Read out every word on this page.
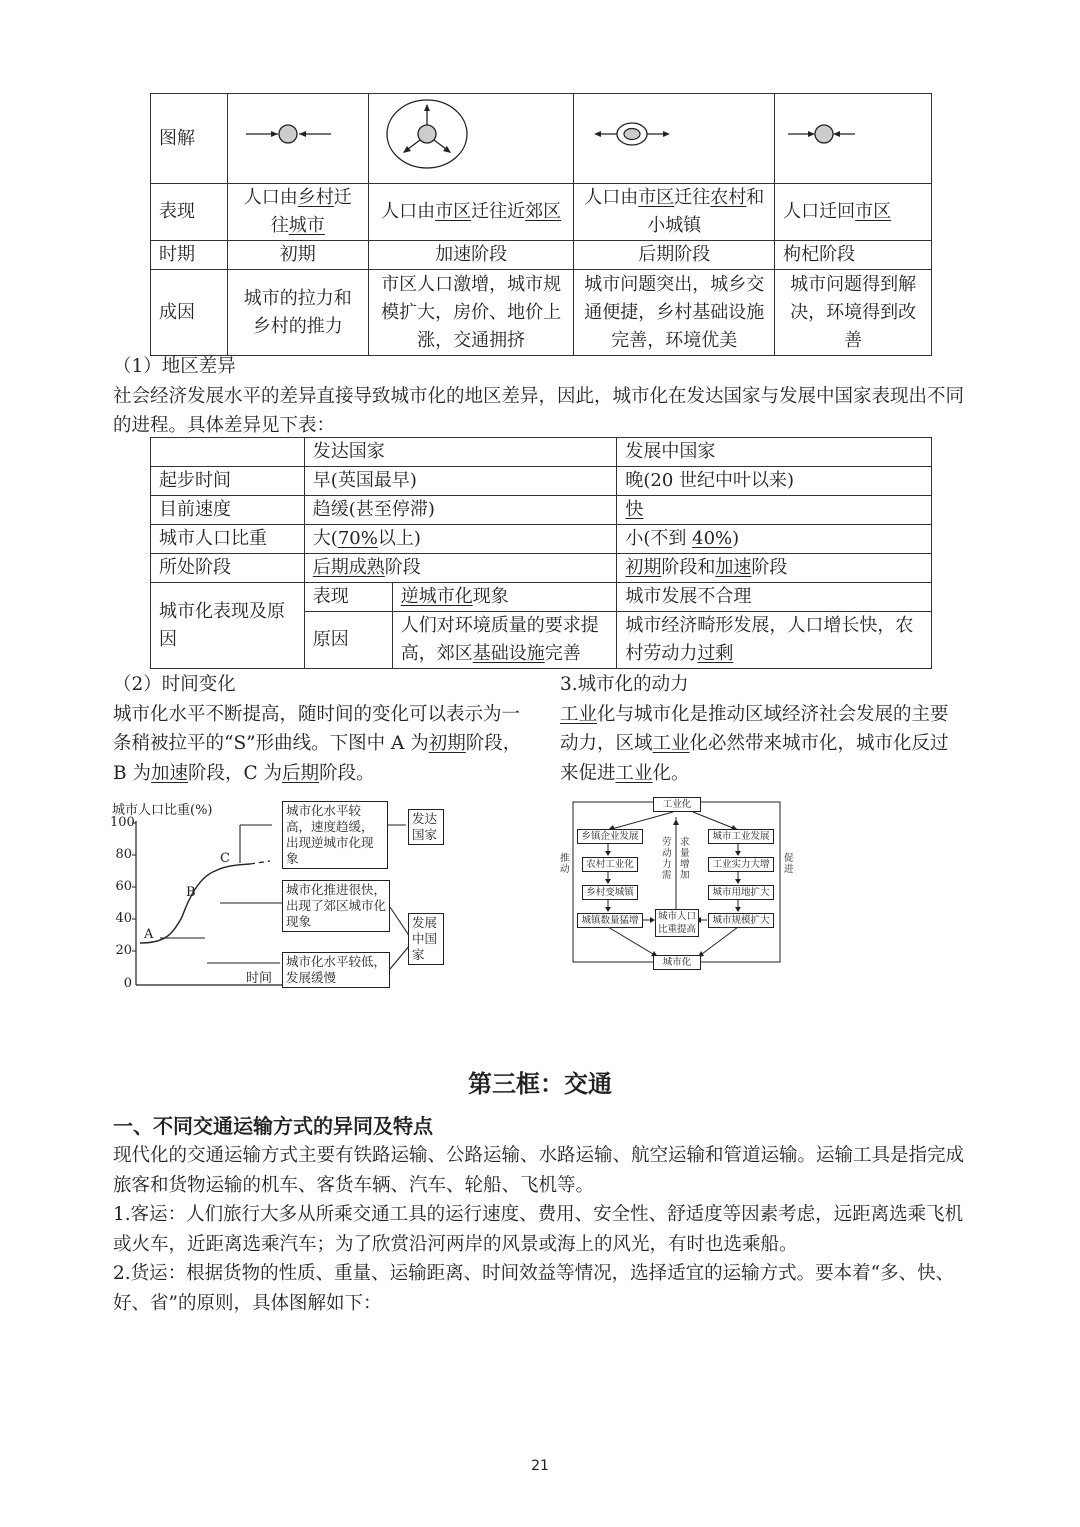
图解				
表现	人口由乡村迁往城市	人口由市区迁往近郊区	人口由市区迁往农村和小城镇	人口迁回市区
时期	初期	加速阶段	后期阶段	枸杞阶段
成因	城市的拉力和乡村的推力	市区人口激增，城市规模扩大，房价、地价上涨，交通拥挤	城市问题突出，城乡交通便捷，乡村基础设施完善，环境优美	城市问题得到解决，环境得到改善

（1）地区差异

社会经济发展水平的差异直接导致城市化的地区差异，因此，城市化在发达国家与发展中国家表现出不同的进程。具体差异见下表：

	发达国家		发展中国家
起步时间	早(英国最早)		晚(20 世纪中叶以来)
目前速度	趋缓(甚至停滞)		快
城市人口比重	大(70%以上)		小(不到 40%)
所处阶段	后期成熟阶段		初期阶段和加速阶段
城市化表现及原因	表现	逆城市化现象	城市发展不合理
	原因	人们对环境质量的要求提高，郊区基础设施完善	城市经济畸形发展，人口增长快，农村劳动力过剩

（2）时间变化

城市化水平不断提高，随时间的变化可以表示为一条稍被拉平的“S”形曲线。下图中 A 为初期阶段，B 为加速阶段，C 为后期阶段。

3.城市化的动力

工业化与城市化是推动区域经济社会发展的主要动力，区域工业化必然带来城市化，城市化反过来促进工业化。

城市人口比重(%)
100
80
60
40
20
0
A
B
C
时间
城市化水平较高，速度趋缓，出现逆城市化现象
城市化推进很快，出现了郊区城市化现象
城市化水平较低，发展缓慢
发达国家
发展中国家
工业化
城市化
乡镇企业发展
农村工业化
乡村变城镇
城镇数量猛增
城市工业发展
工业实力大增
城市用地扩大
城市规模扩大
城市人口比重提高
劳动力需
求量增加
推动
促进
第三框：交通
一、不同交通运输方式的异同及特点

现代化的交通运输方式主要有铁路运输、公路运输、水路运输、航空运输和管道运输。运输工具是指完成旅客和货物运输的机车、客货车辆、汽车、轮船、飞机等。

1.客运：人们旅行大多从所乘交通工具的运行速度、费用、安全性、舒适度等因素考虑，远距离选乘飞机或火车，近距离选乘汽车；为了欣赏沿河两岸的风景或海上的风光，有时也选乘船。

2.货运：根据货物的性质、重量、运输距离、时间效益等情况，选择适宜的运输方式。要本着“多、快、好、省”的原则，具体图解如下：

21
